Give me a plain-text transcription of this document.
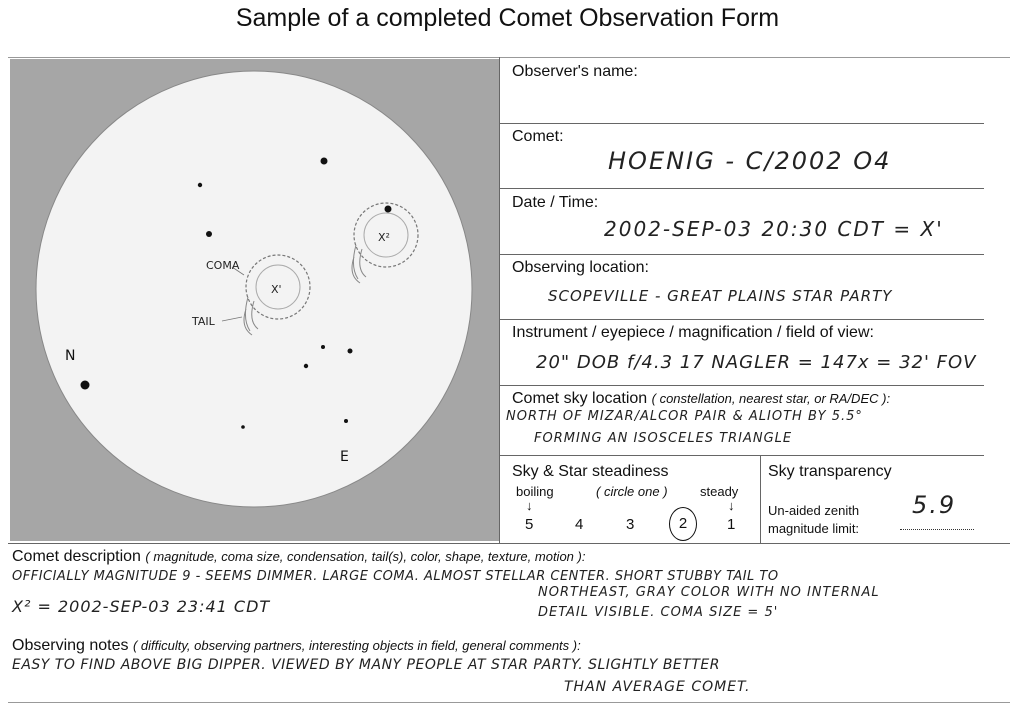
Sample of a completed Comet Observation Form
COMA
TAIL
X'
X²
N
E
Observer's name:
Comet:
HOENIG - C/2002 O4
Date / Time:
2002-SEP-03 20:30 CDT = X'
Observing location:
SCOPEVILLE - GREAT PLAINS STAR PARTY
Instrument / eyepiece / magnification / field of view:
20" DOB f/4.3 17 NAGLER = 147x = 32' FOV
Comet sky location ( constellation, nearest star, or RA/DEC ):
NORTH OF MIZAR/ALCOR PAIR & ALIOTH BY 5.5°
FORMING AN ISOSCELES TRIANGLE
Sky & Star steadiness
boiling	( circle one ) steady
↓	↓
5	4	3	2	1
Sky transparency
Un-aided zenith
magnitude limit:
5.9
Comet description ( magnitude, coma size, condensation, tail(s), color, shape, texture, motion ):
OFFICIALLY MAGNITUDE 9 - SEEMS DIMMER. LARGE COMA. ALMOST STELLAR CENTER. SHORT STUBBY TAIL TO
X² = 2002-SEP-03 23:41 CDT
NORTHEAST, GRAY COLOR WITH NO INTERNAL
DETAIL VISIBLE. COMA SIZE = 5'
Observing notes ( difficulty, observing partners, interesting objects in field, general comments ):
EASY TO FIND ABOVE BIG DIPPER. VIEWED BY MANY PEOPLE AT STAR PARTY. SLIGHTLY BETTER
THAN AVERAGE COMET.
